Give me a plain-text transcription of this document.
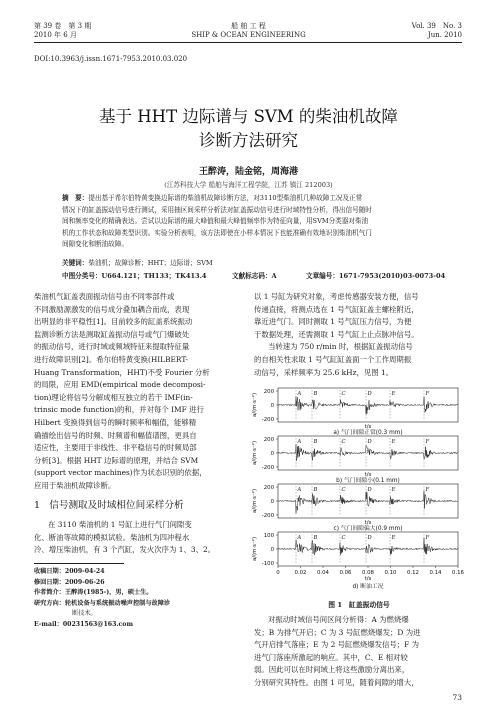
第 39 卷　第 3 期
2010 年 6 月
船 舶 工 程
SHIP & OCEAN ENGINEERING
Vol. 39　No. 3
Jun. 2010
DOI:10.3963/j.issn.1671-7953.2010.03.020
基于 HHT 边际谱与 SVM 的柴油机故障
诊断方法研究
王醉涛，陆金铭，周海港
(江苏科技大学 船舶与海洋工程学院，江苏 镇江 212003)
摘　要：提出基于希尔伯特黄变换边际谱的柴油机故障诊断方法，对3110型柴油机几种故障工况及正常
情况下的缸盖振动信号进行测试，采用抽区间采样分析法对缸盖振动信号进行时域特性分析，得出信号随时
间和频率变化的精确表达。尝试以边际谱的最大峰值和最大峰值频率作为特征向量，用SVM分类器对柴油
机的工作状态和故障类型识别。实验分析表明，该方法即使在小样本情况下也能准确有效地识别柴油机气门
间隙变化和断油故障。
关键词：柴油机；故障诊断；HHT；边际谱；SVM
中图分类号：U664.121；TH133；TK413.4	文献标志码：A	文章编号：1671-7953(2010)03-0073-04
柴油机气缸盖表面振动信号由不同零部件或
不同激励源激发的信号成分叠加耦合而成，表现
出明显的非平稳性[1]。目前较多的缸盖系统振动
监测诊断方法是测取缸盖振动信号或气门爆破处
的振动信号，进行时域或频域特征来提取特征量
进行故障识别[2]。希尔伯特黄变换(HILBERT-
Huang Transformation，HHT)不受 Fourier 分析
的局限，应用 EMD(empirical mode decomposi-
tion)理论将信号分解成相互独立的若干 IMF(in-
trinsic mode function)的和，并对每个 IMF 进行
Hilbert 变换得到信号的瞬时频率和幅值，能够精
确描绘出信号的时频、时频谱和幅值谱图，更具自
适应性，主要用于非线性、非平稳信号的时频局部
分析[3]。根据 HHT 边际谱的原理，并结合 SVM
(support vector machines)作为状态识别的依据，
应用于柴油机故障诊断。
1 信号测取及时域相位间采样分析
在 3110 柴油机的 1 号缸上进行气门间隙变
化、断油等故障的模拟试验。柴油机为四冲程水
冷、增压柴油机，有 3 个汽缸，发火次序为 1、3、2。
收稿日期：2009-04-24
修回日期：2009-06-26
作者简介：王醉涛(1985-)，男，硕士生。
研究方向：轮机设备与系统振动噪声控制与故障诊
断技术。
E-mail：00231563@163.com
以 1 号缸为研究对象，考虑传感器安装方便，信号
传递直接，将测点选在 1 号气缸缸盖主螺栓附近，
靠近进气门。同时测取 1 号气缸压力信号，为便
于数据处理，还需测取 1 号气缸上止点脉冲信号。
当转速为 750 r/min 时，根据缸盖振动信号
的自相关性求取 1 号气缸缸盖面一个工作周期振
动信号，采样频率为 25.6 kHz，见图 1。
200
0
-200
A B	C	D	E	F
a/(m·s⁻²)
t/s
a) 气门间隙正常(0.3 mm)
200
0
-200
A B	C	D	E	F
a/(m·s⁻²)
t/s
b) 气门间隙小(0.1 mm)
200
0
-200
A B	C	D	E	F
a/(m·s⁻²)
t/s
c) 气门间隙偏大(0.9 mm)
100
0
-100
A B	C	D	E	F
a/(m·s⁻²)
t/s
0	0.02 0.04 0.06 0.08 0.10 0.12 0.14 0.16
d) 断油工况
图 1　缸盖振动信号
对振动时域信号间区间分析得：A 为燃烧爆
发；B 为排气开启；C 为 3 号缸燃烧爆发；D 为进
气开启排气落座；E 为 2 号缸燃烧爆发信号；F 为
进气门落座所激起的响应。其中，C、E 相对较
弱。因此可以在时间域上将这些激励分离出来，
分别研究其特性。由图 1 可见，随着间隙的增大，
73
